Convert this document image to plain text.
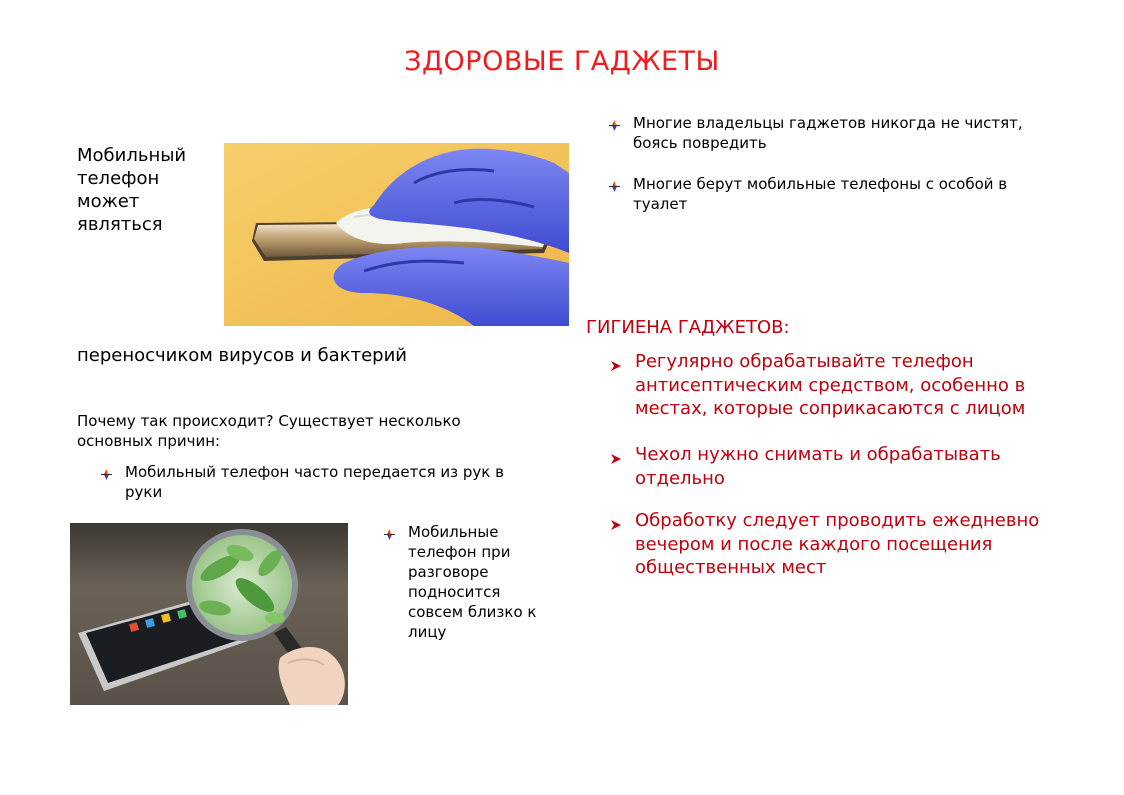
ЗДОРОВЫЕ ГАДЖЕТЫ
Мобильный телефон может являться
переносчиком вирусов и бактерий
Почему так происходит? Существует несколько основных причин:
Мобильный телефон часто передается из рук в руки
Мобильные телефон при разговоре подносится совсем близко к лицу
Многие владельцы гаджетов никогда не чистят, боясь повредить
Многие берут мобильные телефоны с особой в туалет
ГИГИЕНА ГАДЖЕТОВ:
Регулярно обрабатывайте телефон антисептическим средством, особенно в местах, которые соприкасаются с лицом
Чехол нужно снимать и обрабатывать отдельно
Обработку следует проводить ежедневно вечером и после каждого посещения общественных мест
